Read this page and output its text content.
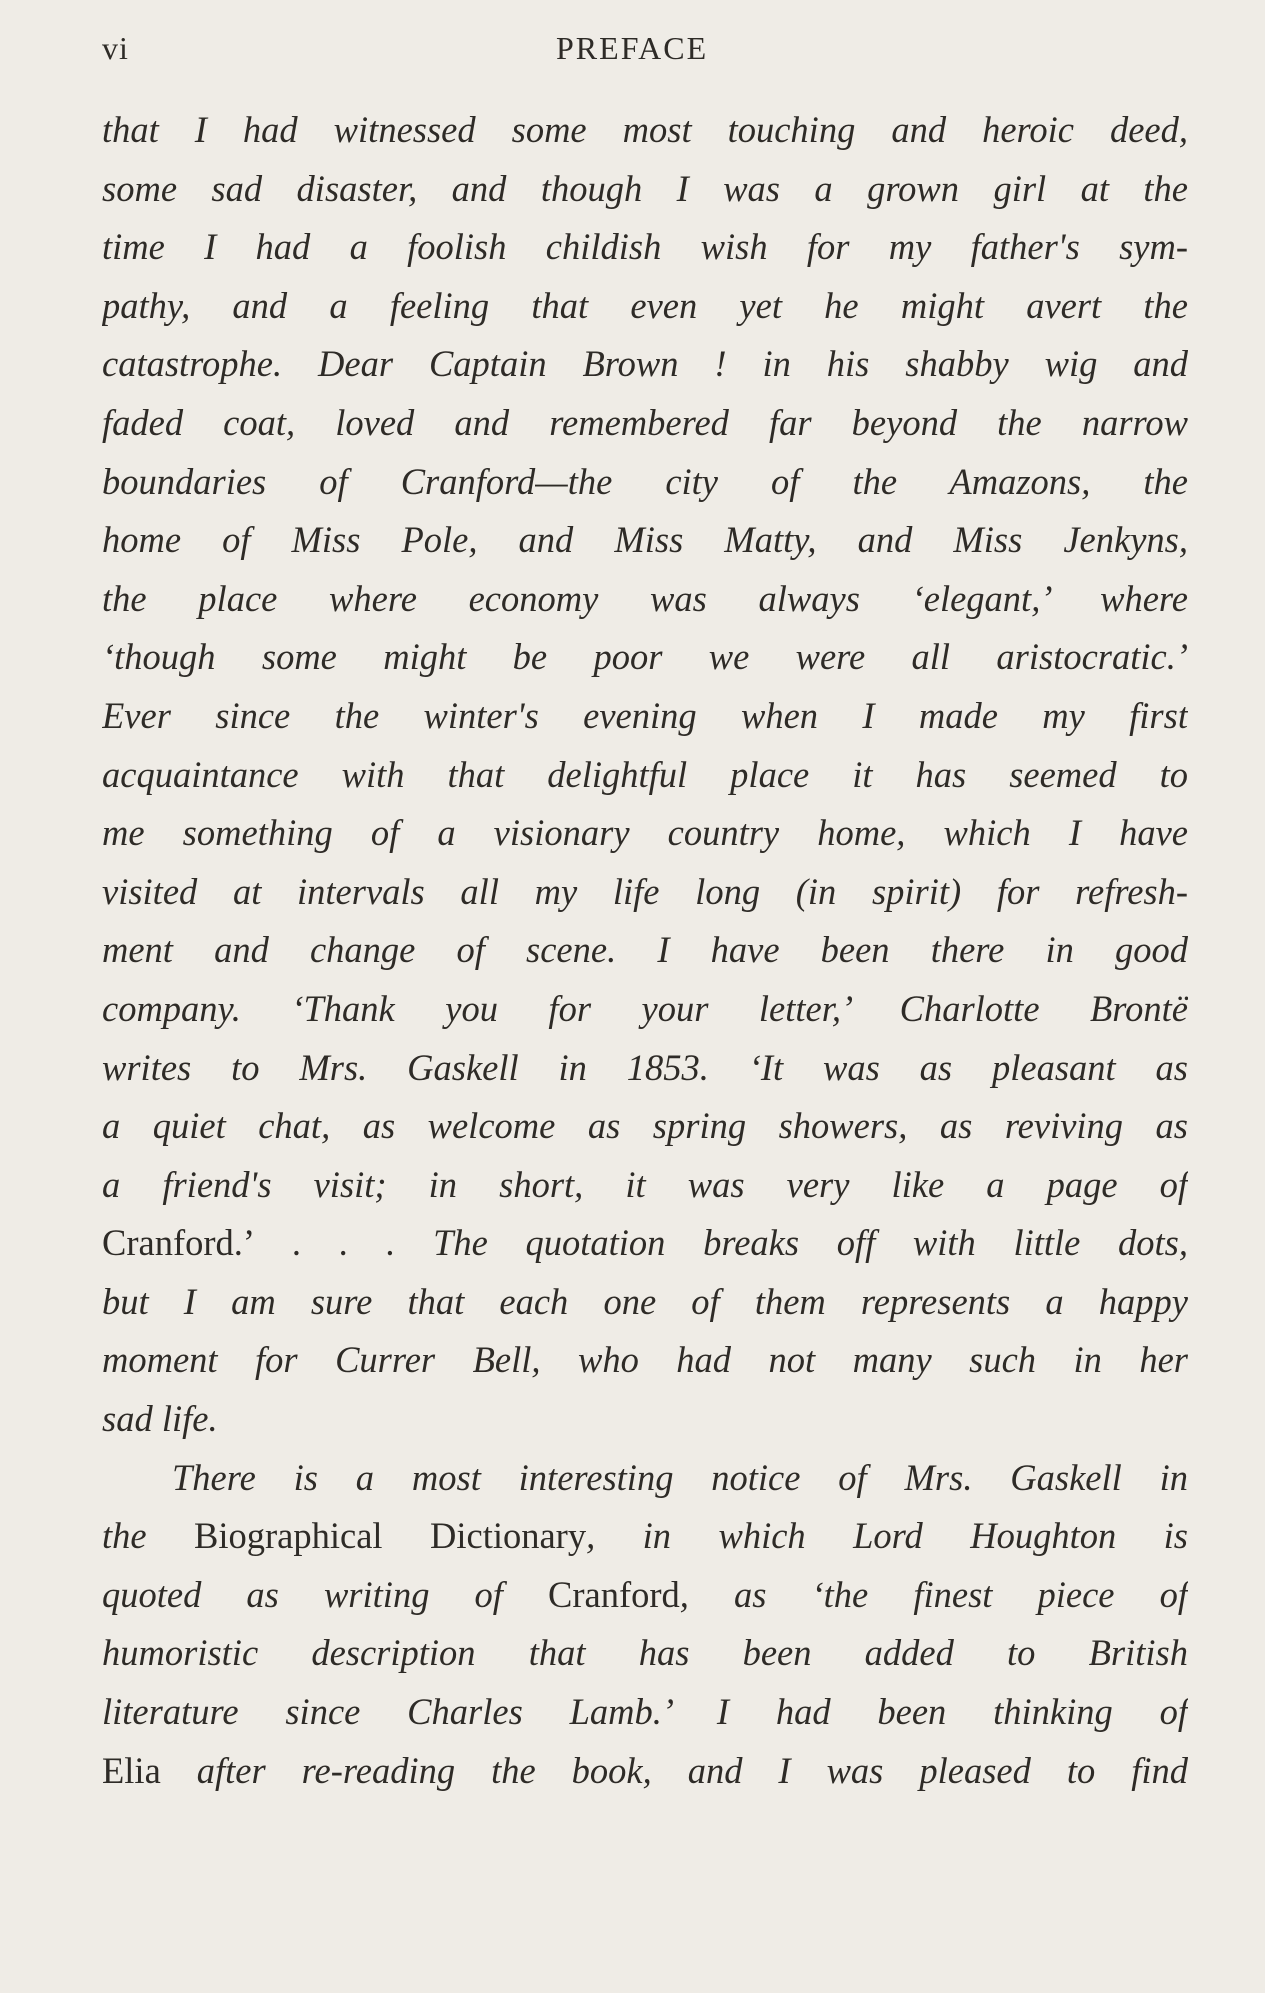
vi	PREFACE
that I had witnessed some most touching and heroic deed,
some sad disaster, and though I was a grown girl at the
time I had a foolish childish wish for my father's sym-
pathy, and a feeling that even yet he might avert the
catastrophe. Dear Captain Brown ! in his shabby wig and
faded coat, loved and remembered far beyond the narrow
boundaries of Cranford—the city of the Amazons, the
home of Miss Pole, and Miss Matty, and Miss Jenkyns,
the place where economy was always ‘elegant,’ where
‘though some might be poor we were all aristocratic.’
Ever since the winter's evening when I made my first
acquaintance with that delightful place it has seemed to
me something of a visionary country home, which I have
visited at intervals all my life long (in spirit) for refresh-
ment and change of scene. I have been there in good
company. ‘Thank you for your letter,’ Charlotte Brontë
writes to Mrs. Gaskell in 1853. ‘It was as pleasant as
a quiet chat, as welcome as spring showers, as reviving as
a friend's visit; in short, it was very like a page of
Cranford.’ . . . The quotation breaks off with little dots,
but I am sure that each one of them represents a happy
moment for Currer Bell, who had not many such in her
sad life.
There is a most interesting notice of Mrs. Gaskell in
the Biographical Dictionary, in which Lord Houghton is
quoted as writing of Cranford, as ‘the finest piece of
humoristic description that has been added to British
literature since Charles Lamb.’ I had been thinking of
Elia after re-reading the book, and I was pleased to find
